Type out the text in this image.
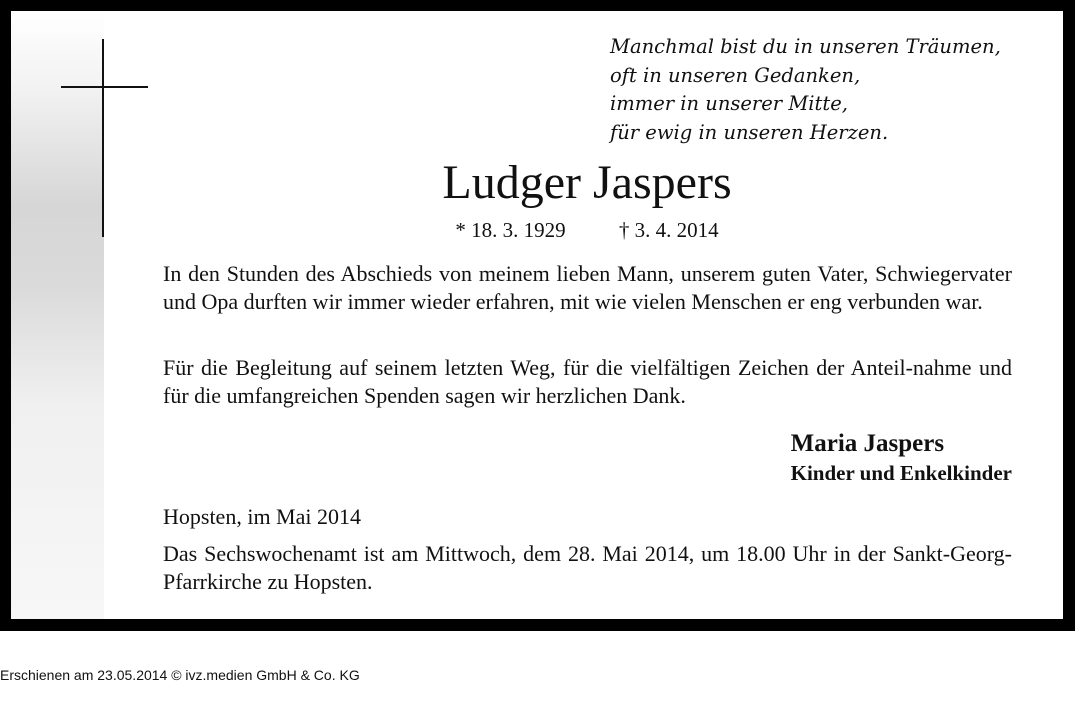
Manchmal bist du in unseren Träumen,
oft in unseren Gedanken,
immer in unserer Mitte,
für ewig in unseren Herzen.
Ludger Jaspers
* 18. 3. 1929	† 3. 4. 2014
In den Stunden des Abschieds von meinem lieben Mann, unserem guten Vater, Schwiegervater und Opa durften wir immer wieder erfahren, mit wie vielen Menschen er eng verbunden war.
Für die Begleitung auf seinem letzten Weg, für die vielfältigen Zeichen der Anteil-nahme und für die umfangreichen Spenden sagen wir herzlichen Dank.
Maria Jaspers
Kinder und Enkelkinder
Hopsten, im Mai 2014
Das Sechswochenamt ist am Mittwoch, dem 28. Mai 2014, um 18.00 Uhr in der Sankt-Georg-Pfarrkirche zu Hopsten.
Erschienen am 23.05.2014 © ivz.medien GmbH & Co. KG
